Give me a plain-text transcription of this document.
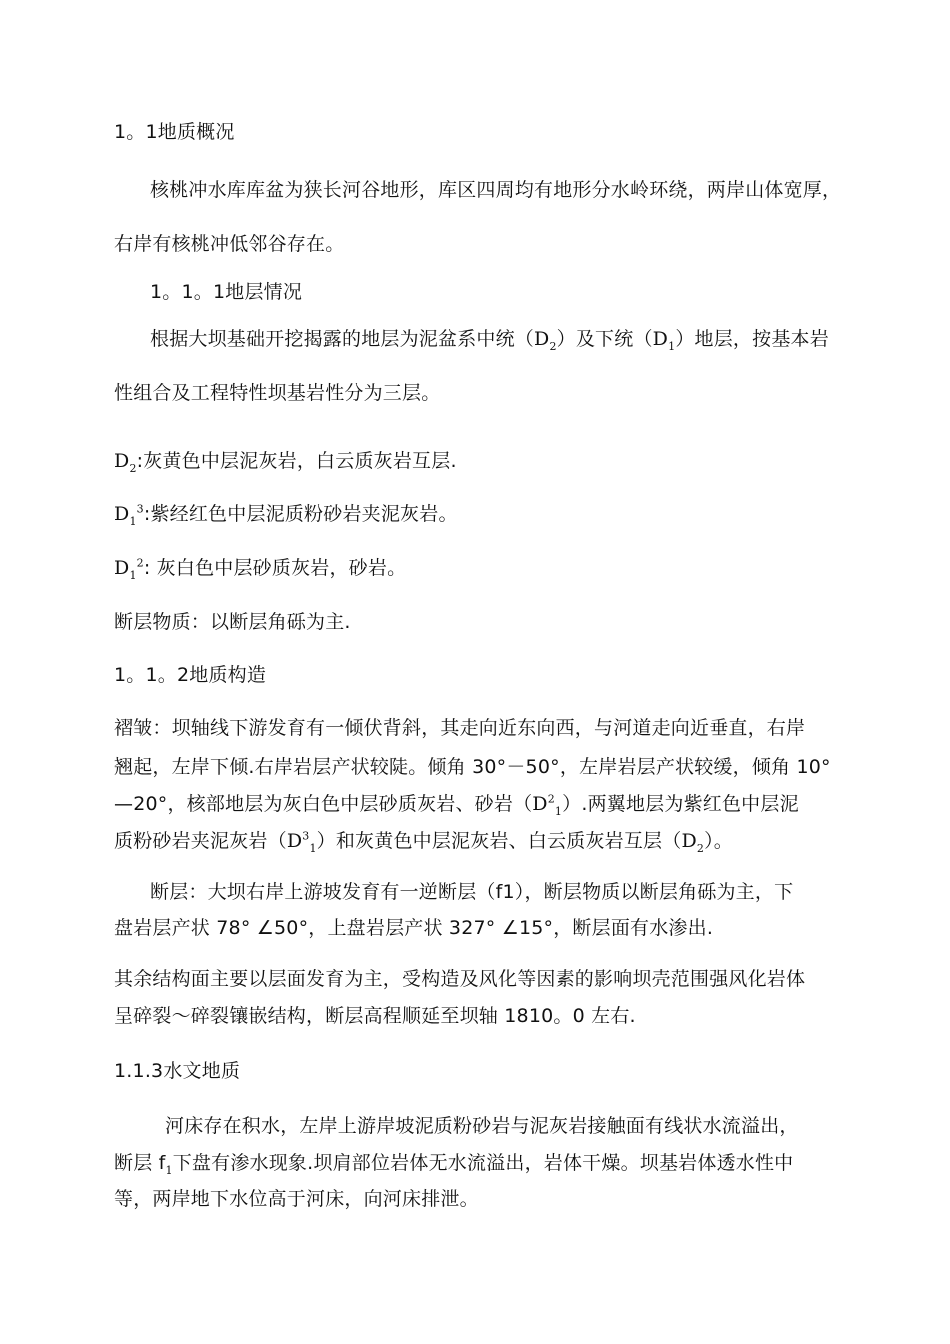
1。1地质概况
核桃冲水库库盆为狭长河谷地形，库区四周均有地形分水岭环绕，两岸山体宽厚，
右岸有核桃冲低邻谷存在。
1。1。1地层情况
根据大坝基础开挖揭露的地层为泥盆系中统$(D_2)$及下统$(D_1)$地层，按基本岩
性组合及工程特性坝基岩性分为三层。
$D_2$:灰黄色中层泥灰岩，白云质灰岩互层.
$D_1^3$:紫经红色中层泥质粉砂岩夹泥灰岩。
$D_1^2$: 灰白色中层砂质灰岩，砂岩。
断层物质：以断层角砾为主.
1。1。2地质构造
褶皱：坝轴线下游发育有一倾伏背斜，其走向近东向西，与河道走向近垂直，右岸
翘起，左岸下倾.右岸岩层产状较陡。倾角 30°－50°，左岸岩层产状较缓，倾角 10°
—20°，核部地层为灰白色中层砂质灰岩、砂岩$(D^2_1)$.两翼地层为紫红色中层泥
质粉砂岩夹泥灰岩$(D^3_1)$和灰黄色中层泥灰岩、白云质灰岩互层$(D_2)$。
断层：大坝右岸上游坡发育有一逆断层（f1），断层物质以断层角砾为主，下
盘岩层产状 78° ∠50°，上盘岩层产状 327° ∠15°，断层面有水渗出.
其余结构面主要以层面发育为主，受构造及风化等因素的影响坝壳范围强风化岩体
呈碎裂～碎裂镶嵌结构，断层高程顺延至坝轴 1810。0 左右.
1.1.3水文地质
河床存在积水，左岸上游岸坡泥质粉砂岩与泥灰岩接触面有线状水流溢出，
断层 $f_1$下盘有渗水现象.坝肩部位岩体无水流溢出，岩体干燥。坝基岩体透水性中
等，两岸地下水位高于河床，向河床排泄。
